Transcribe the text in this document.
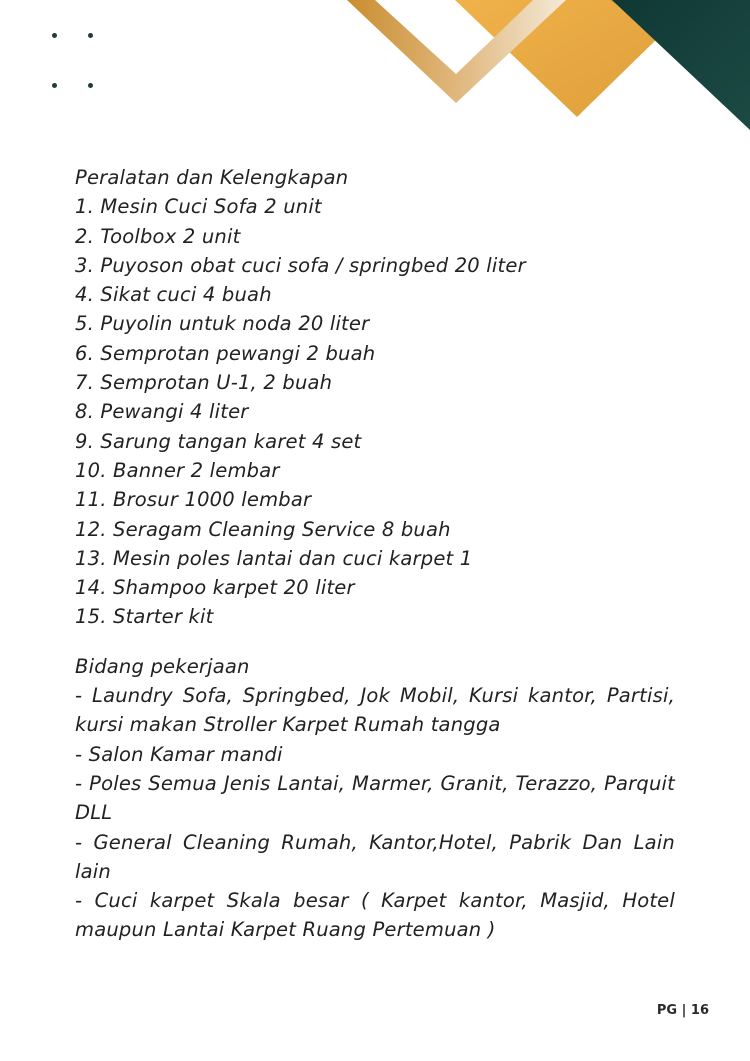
Peralatan dan Kelengkapan
1. Mesin Cuci Sofa 2 unit
2. Toolbox 2 unit
3. Puyoson obat cuci sofa / springbed 20 liter
4. Sikat cuci 4 buah
5. Puyolin untuk noda 20 liter
6. Semprotan pewangi 2 buah
7. Semprotan U-1, 2 buah
8. Pewangi 4 liter
9. Sarung tangan karet 4 set
10. Banner 2 lembar
11. Brosur 1000 lembar
12. Seragam Cleaning Service 8 buah
13. Mesin poles lantai dan cuci karpet 1
14. Shampoo karpet 20 liter
15. Starter kit
Bidang pekerjaan
- Laundry Sofa, Springbed, Jok Mobil, Kursi kantor, Partisi, kursi makan Stroller Karpet Rumah tangga
- Salon Kamar mandi
- Poles Semua Jenis Lantai, Marmer, Granit, Terazzo, Parquit DLL
- General Cleaning Rumah, Kantor,Hotel, Pabrik Dan Lain lain
- Cuci karpet Skala besar ( Karpet kantor, Masjid, Hotel maupun Lantai Karpet Ruang Pertemuan )
PG | 16
